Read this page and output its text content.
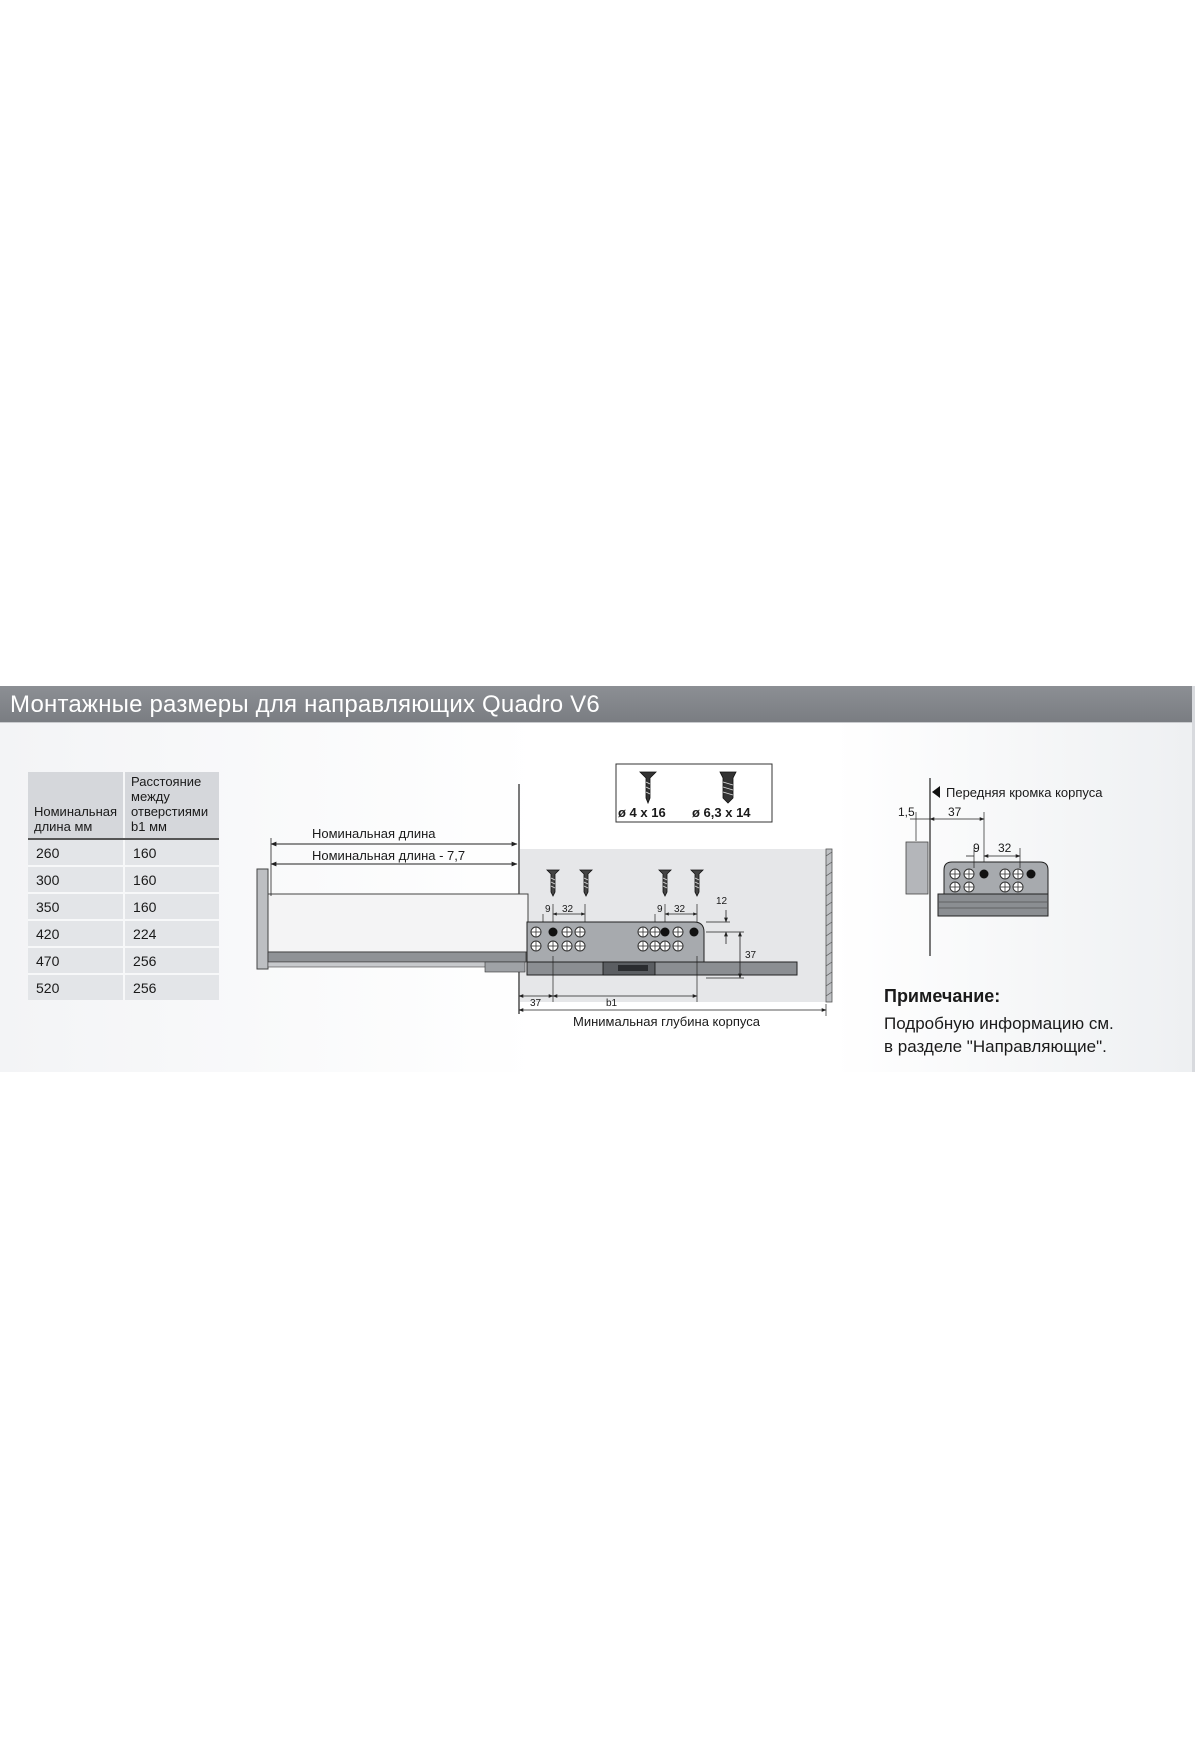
Монтажные размеры для направляющих Quadro V6
Номинальная длина мм	Расстояние между отверстиями b1 мм
260	160
300	160
350	160
420	224
470	256
520	256
Номинальная длина
Номинальная длина - 7,7
9 32	9 32
12
37
37	b1
Минимальная глубина корпуса
ø 4 x 16 ø 6,3 x 14
Передняя кромка корпуса
1,5	37
9 32
Примечание:
Подробную информацию см.
в разделе "Направляющие".
